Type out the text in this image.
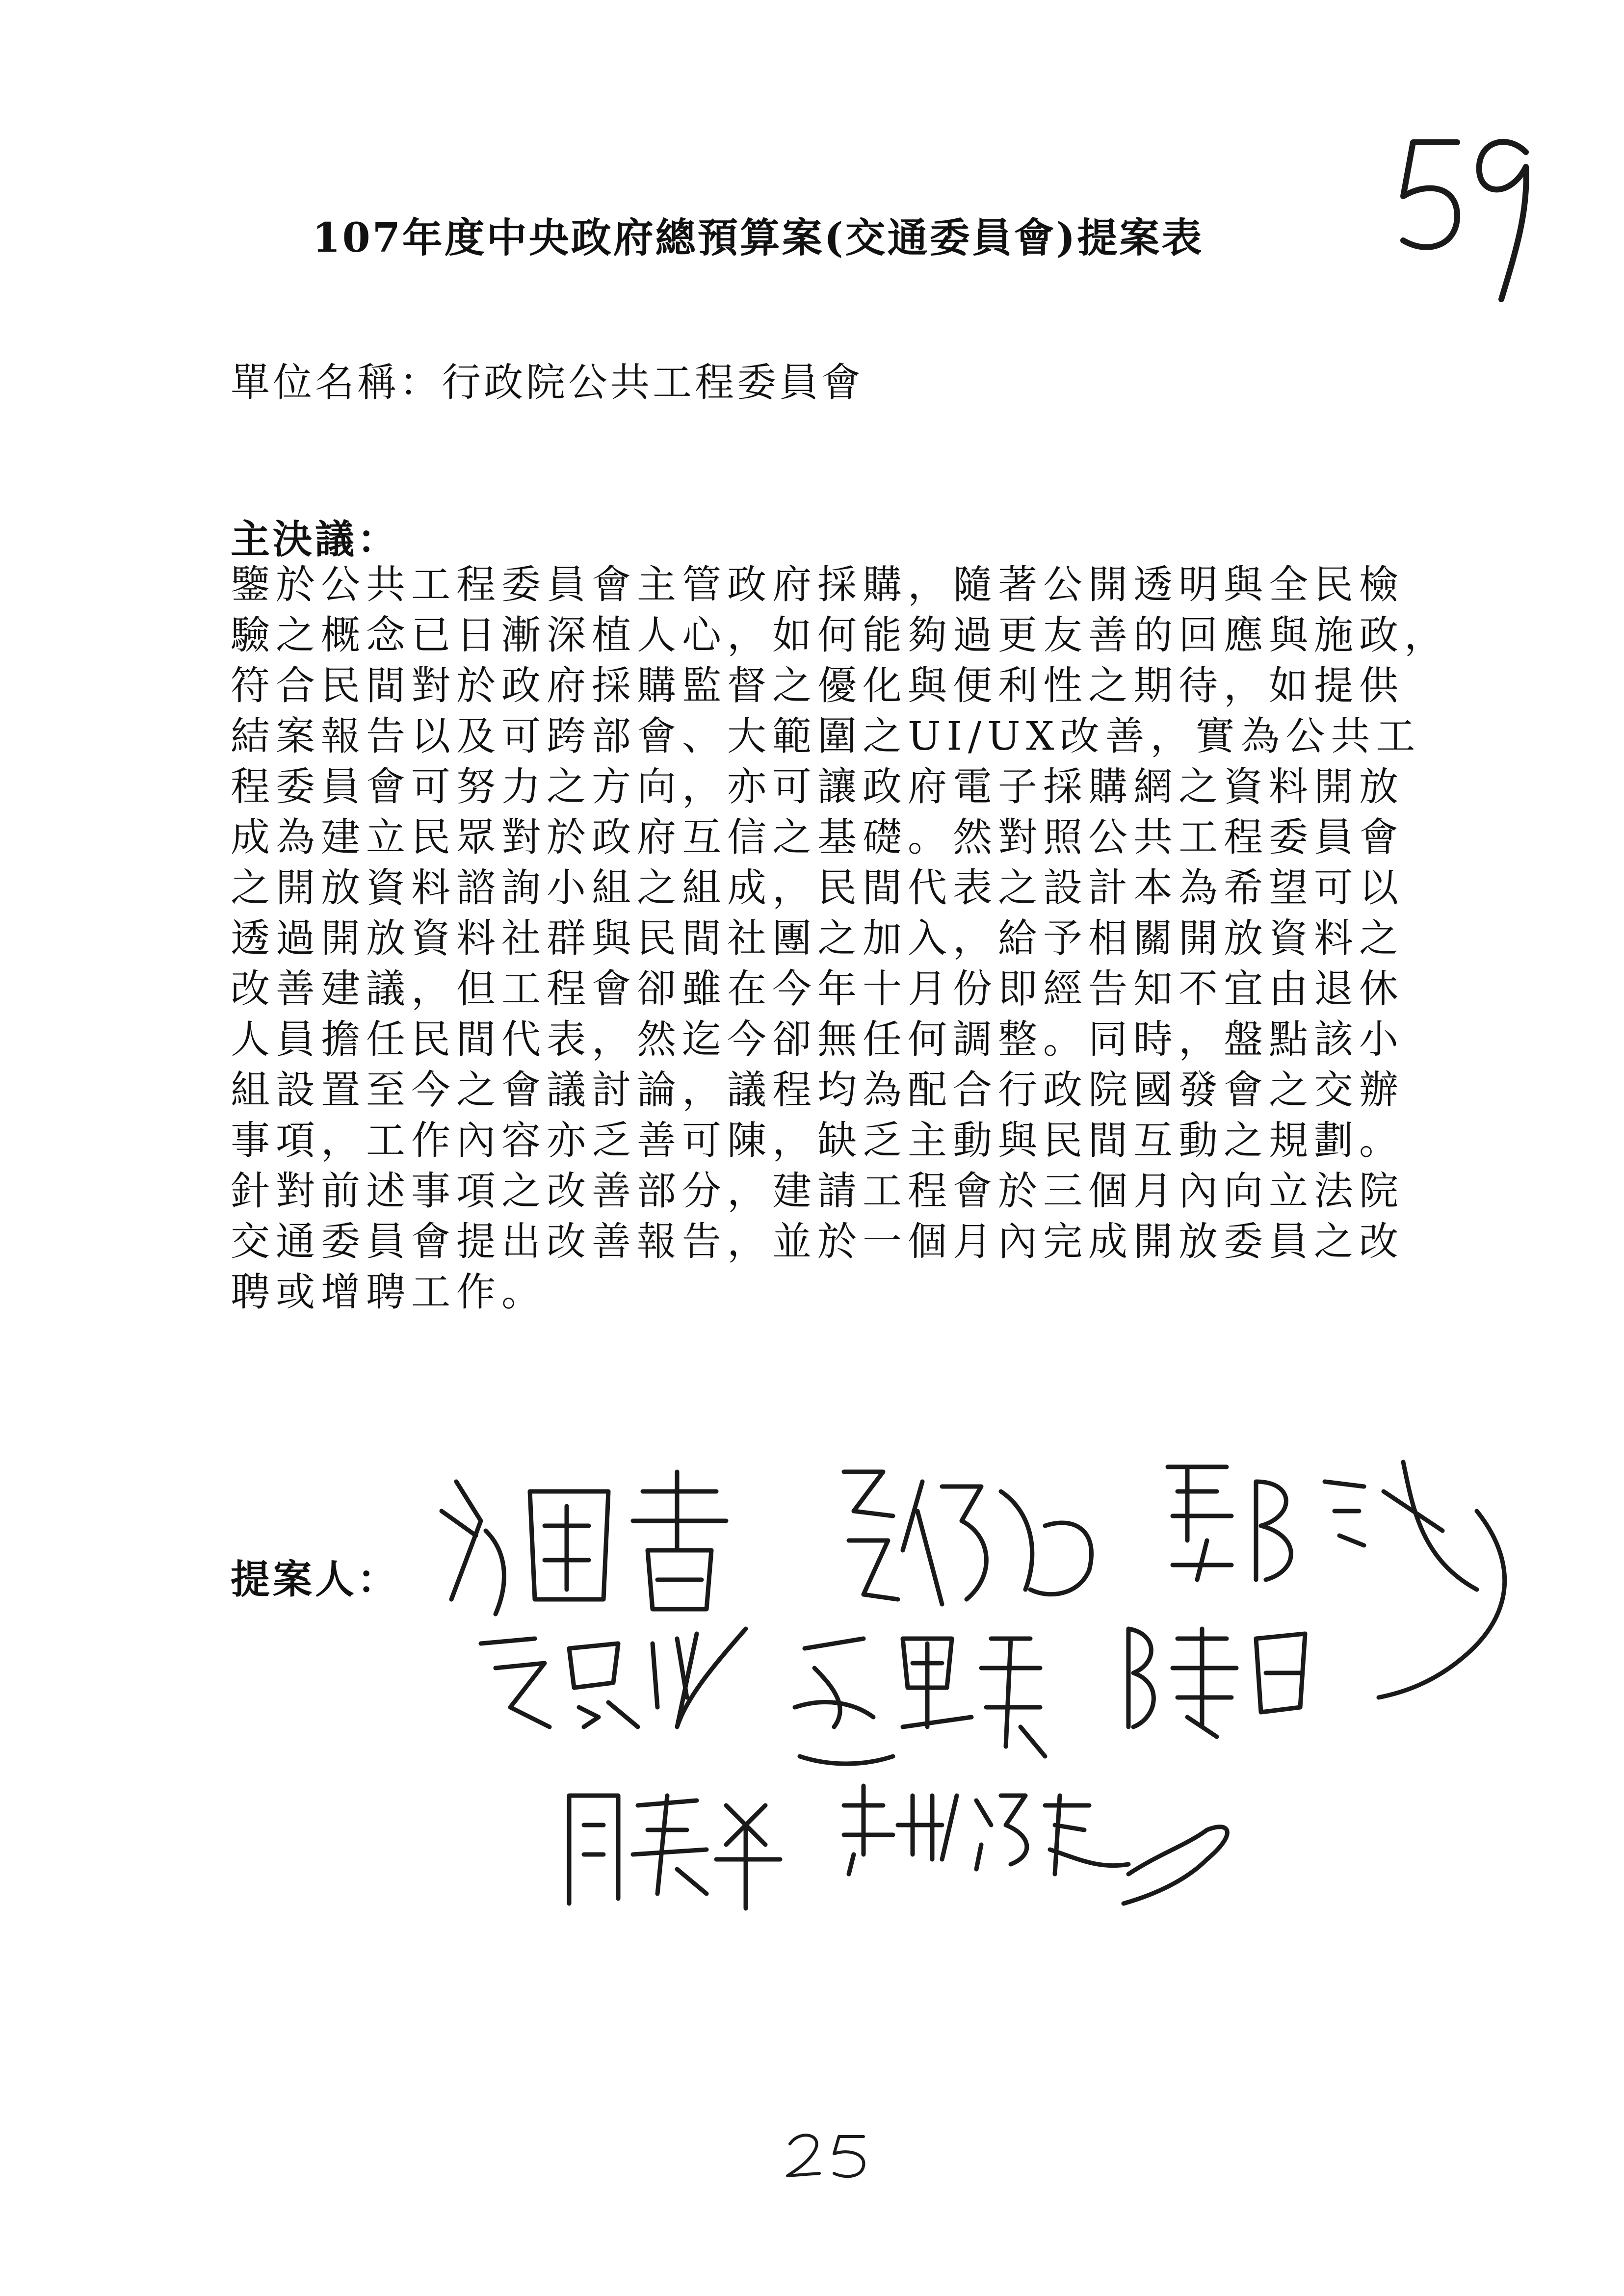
107年度中央政府總預算案(交通委員會)提案表
單位名稱：行政院公共工程委員會
主決議：

鑒於公共工程委員會主管政府採購，隨著公開透明與全民檢
驗之概念已日漸深植人心，如何能夠過更友善的回應與施政，
符合民間對於政府採購監督之優化與便利性之期待，如提供
結案報告以及可跨部會、大範圍之UI/UX改善，實為公共工
程委員會可努力之方向，亦可讓政府電子採購網之資料開放
成為建立民眾對於政府互信之基礎。然對照公共工程委員會
之開放資料諮詢小組之組成，民間代表之設計本為希望可以
透過開放資料社群與民間社團之加入，給予相關開放資料之
改善建議，但工程會卻雖在今年十月份即經告知不宜由退休
人員擔任民間代表，然迄今卻無任何調整。同時，盤點該小
組設置至今之會議討論，議程均為配合行政院國發會之交辦
事項，工作內容亦乏善可陳，缺乏主動與民間互動之規劃。
針對前述事項之改善部分，建請工程會於三個月內向立法院
交通委員會提出改善報告，並於一個月內完成開放委員之改
聘或增聘工作。

提案人：
